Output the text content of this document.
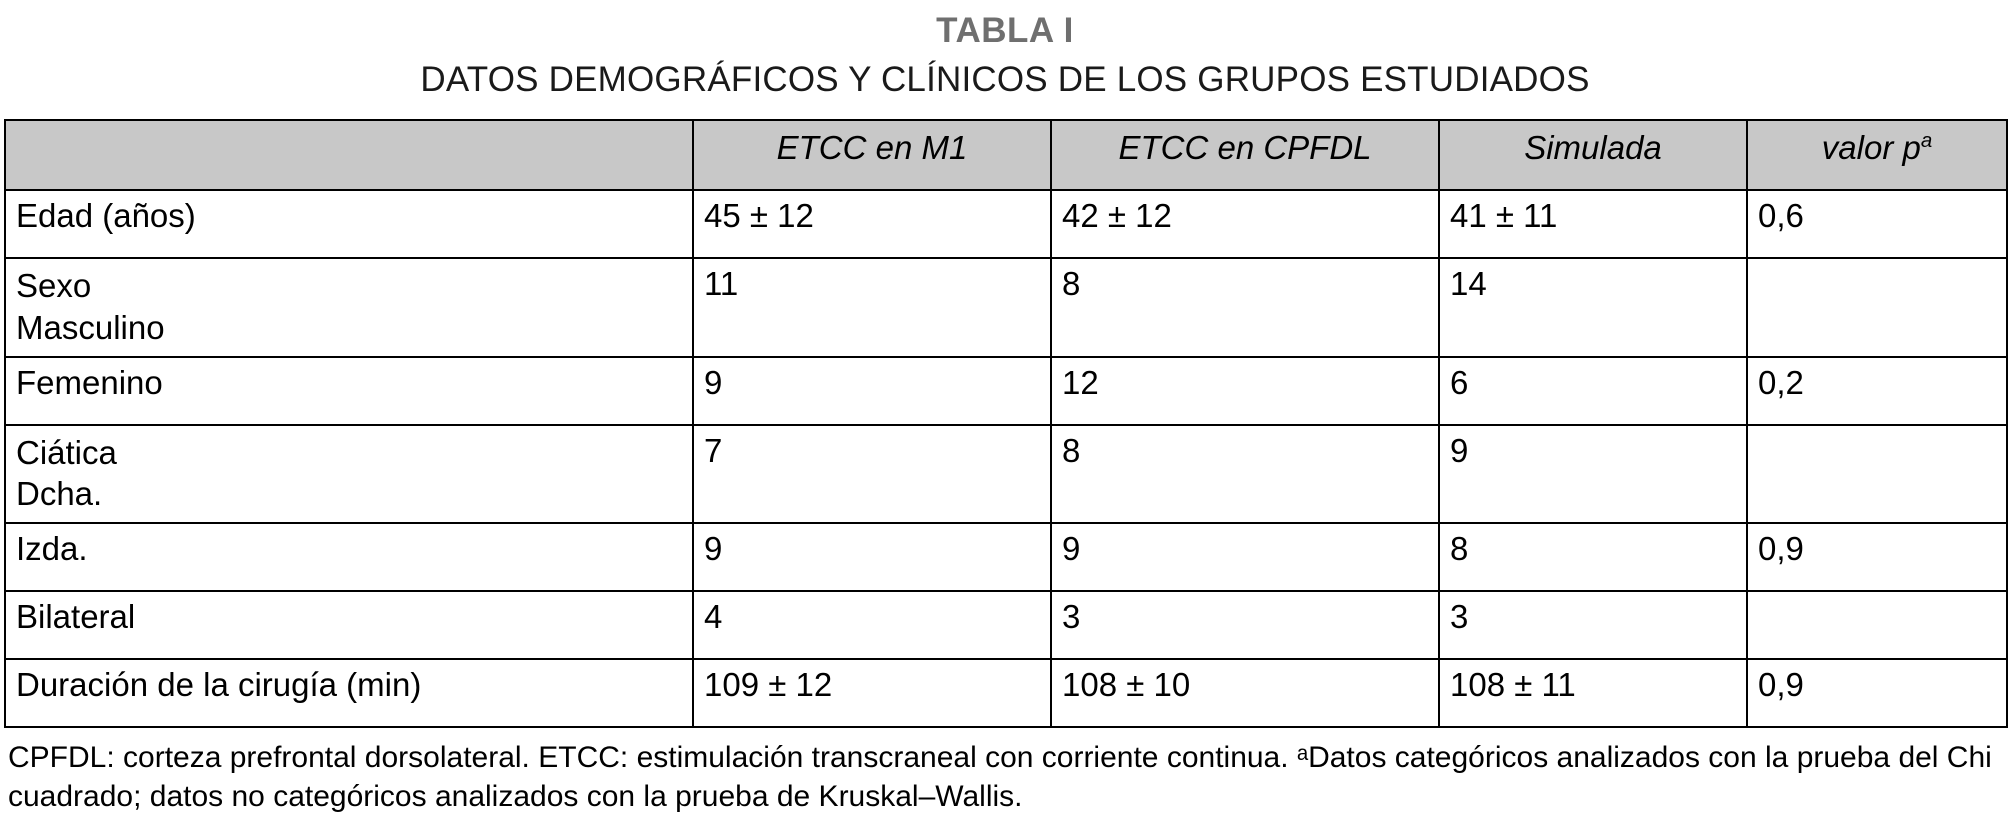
TABLA I
DATOS DEMOGRÁFICOS Y CLÍNICOS DE LOS GRUPOS ESTUDIADOS
	ETCC en M1	ETCC en CPFDL	Simulada	valor $p^a$
Edad (años)	45 ± 12	42 ± 12	41 ± 11	0,6
Sexo
Masculino	11	8	14	
Femenino	9	12	6	0,2
Ciática
Dcha.	7	8	9	
Izda.	9	9	8	0,9
Bilateral	4	3	3	
Duración de la cirugía (min)	109 ± 12	108 ± 10	108 ± 11	0,9
CPFDL: corteza prefrontal dorsolateral. ETCC: estimulación transcraneal con corriente continua. ᵃDatos categóricos analizados con la prueba del Chi cuadrado; datos no categóricos analizados con la prueba de Kruskal–Wallis.
